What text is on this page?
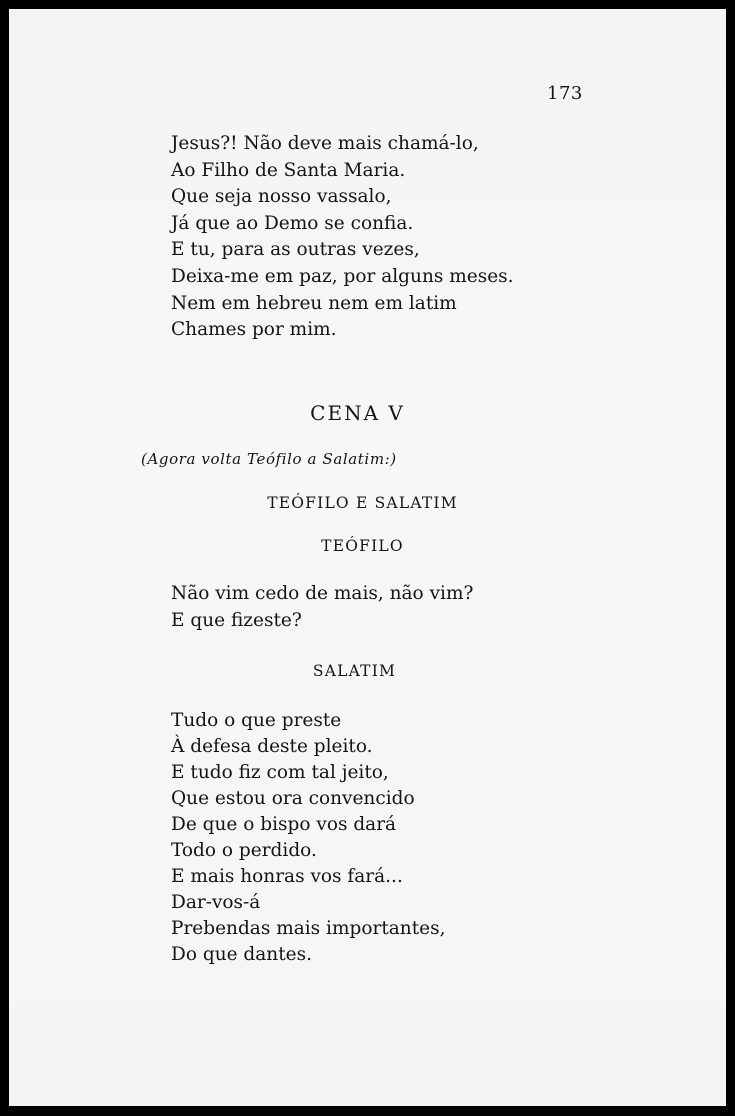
173
Jesus?! Não deve mais chamá-lo,
Ao Filho de Santa Maria.
Que seja nosso vassalo,
Já que ao Demo se confia.
E tu, para as outras vezes,
Deixa-me em paz, por alguns meses.
Nem em hebreu nem em latim
Chames por mim.
CENA V
(Agora volta Teófilo a Salatim:)
TEÓFILO E SALATIM
TEÓFILO
Não vim cedo de mais, não vim?
E que fizeste?
SALATIM
Tudo o que preste
À defesa deste pleito.
E tudo fiz com tal jeito,
Que estou ora convencido
De que o bispo vos dará
Todo o perdido.
E mais honras vos fará...
Dar-vos-á
Prebendas mais importantes,
Do que dantes.
